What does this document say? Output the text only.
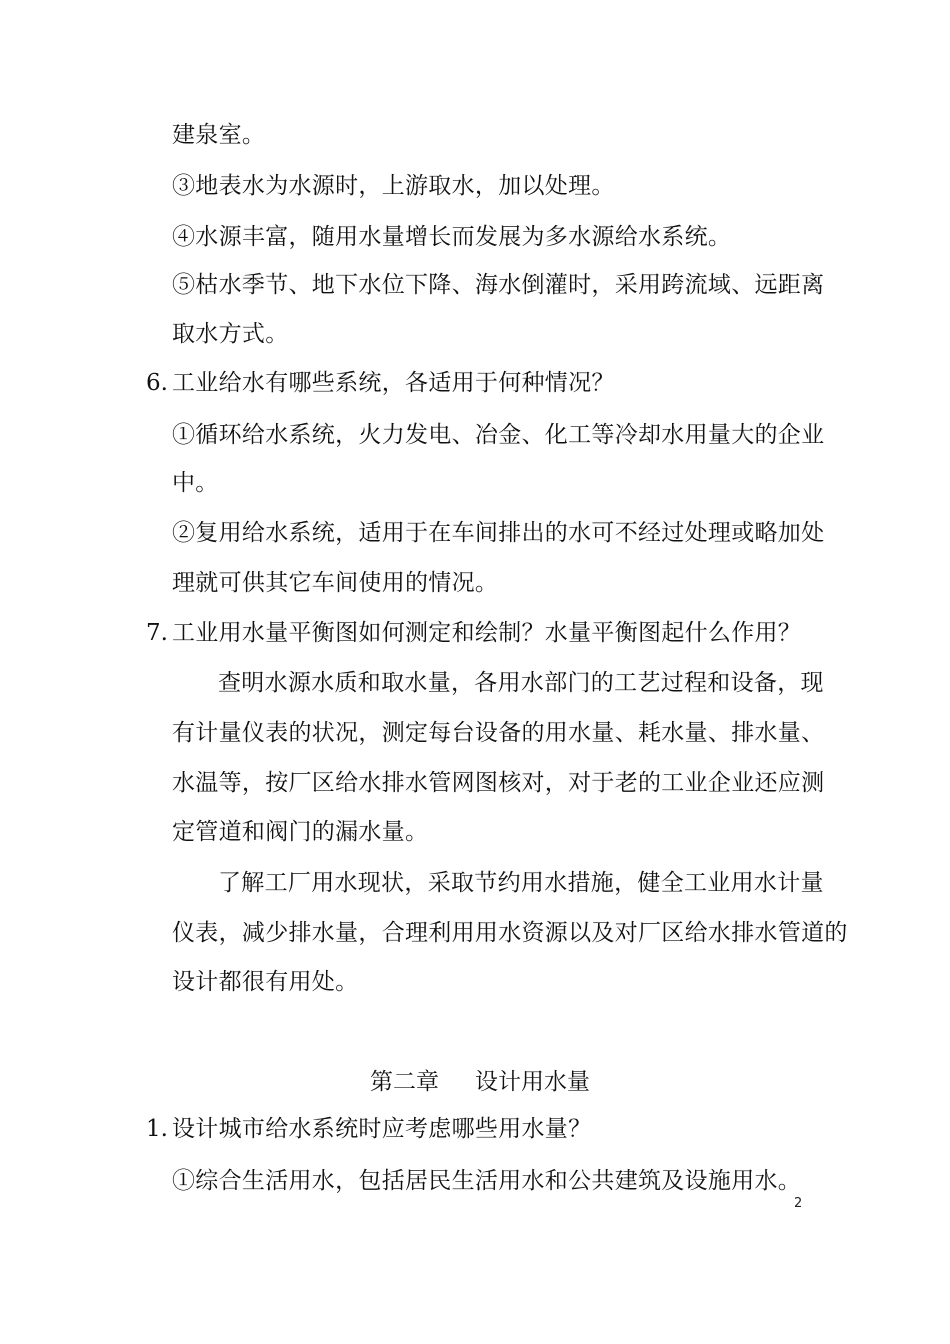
建泉室。
③地表水为水源时，上游取水，加以处理。
④水源丰富，随用水量增长而发展为多水源给水系统。
⑤枯水季节、地下水位下降、海水倒灌时，采用跨流域、远距离
取水方式。
6. 工业给水有哪些系统，各适用于何种情况？
①循环给水系统，火力发电、冶金、化工等冷却水用量大的企业
中。
②复用给水系统，适用于在车间排出的水可不经过处理或略加处
理就可供其它车间使用的情况。
7. 工业用水量平衡图如何测定和绘制？水量平衡图起什么作用？
查明水源水质和取水量，各用水部门的工艺过程和设备，现
有计量仪表的状况，测定每台设备的用水量、耗水量、排水量、
水温等，按厂区给水排水管网图核对，对于老的工业企业还应测
定管道和阀门的漏水量。
了解工厂用水现状，采取节约用水措施，健全工业用水计量
仪表，减少排水量，合理利用用水资源以及对厂区给水排水管道的
设计都很有用处。
第二章 设计用水量
1. 设计城市给水系统时应考虑哪些用水量？
①综合生活用水，包括居民生活用水和公共建筑及设施用水。
2
